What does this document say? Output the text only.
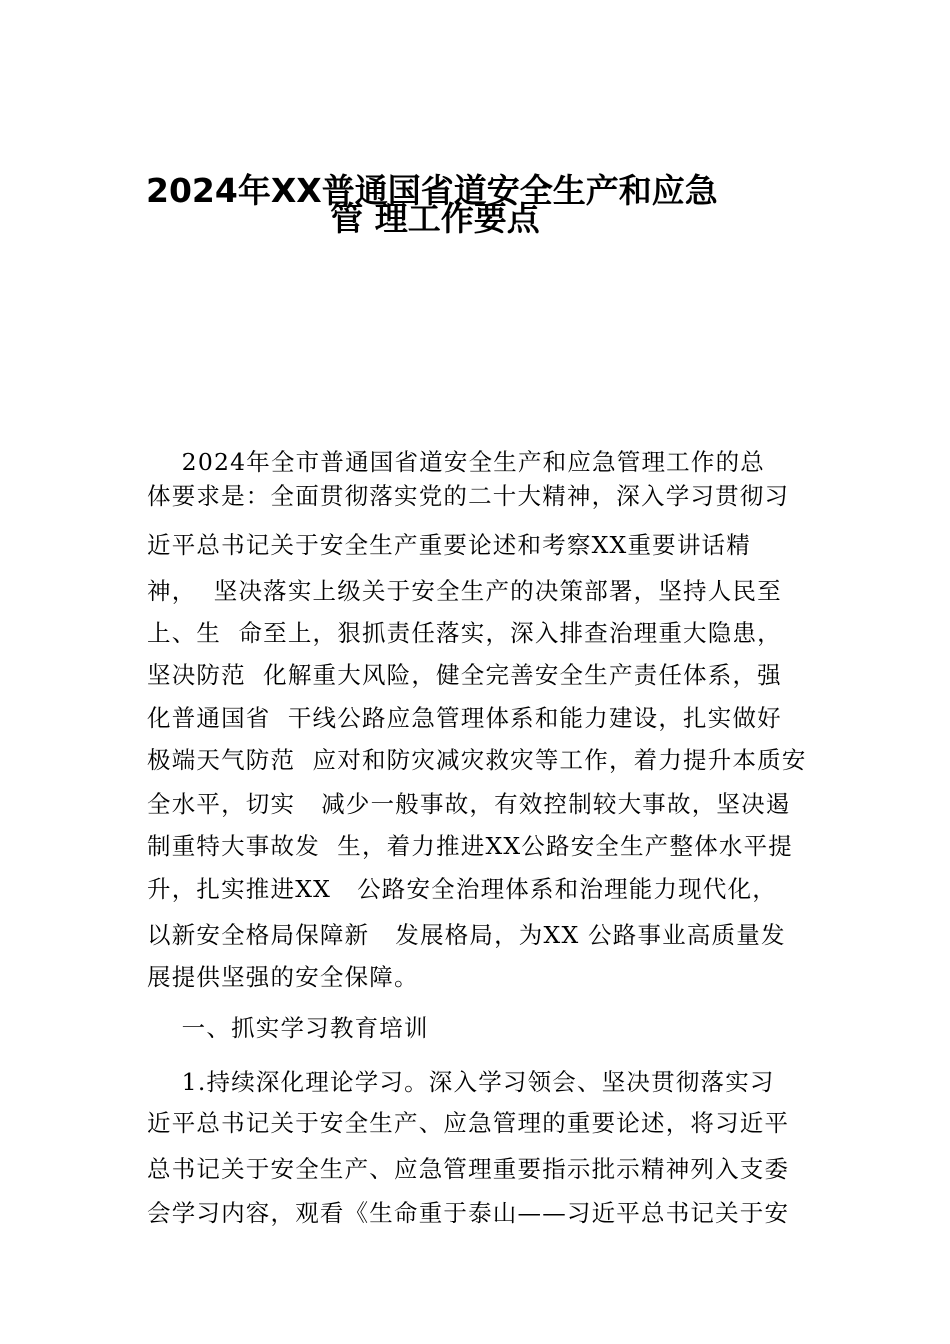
2024年XX普通国省道安全生产和应急
管 理工作要点
2024年全市普通国省道安全生产和应急管理工作的总
体要求是：全面贯彻落实党的二十大精神，深入学习贯彻习
近平总书记关于安全生产重要论述和考察XX重要讲话精
神，  坚决落实上级关于安全生产的决策部署，坚持人民至
上、生  命至上，狠抓责任落实，深入排查治理重大隐患，
坚决防范  化解重大风险，健全完善安全生产责任体系，强
化普通国省  干线公路应急管理体系和能力建设，扎实做好
极端天气防范  应对和防灾减灾救灾等工作，着力提升本质安
全水平，切实   减少一般事故，有效控制较大事故，坚决遏
制重特大事故发  生，着力推进XX公路安全生产整体水平提
升，扎实推进XX   公路安全治理体系和治理能力现代化，
以新安全格局保障新   发展格局，为XX 公路事业高质量发
展提供坚强的安全保障。
一、抓实学习教育培训
1.持续深化理论学习。深入学习领会、坚决贯彻落实习
近平总书记关于安全生产、应急管理的重要论述，将习近平
总书记关于安全生产、应急管理重要指示批示精神列入支委
会学习内容，观看《生命重于泰山——习近平总书记关于安
